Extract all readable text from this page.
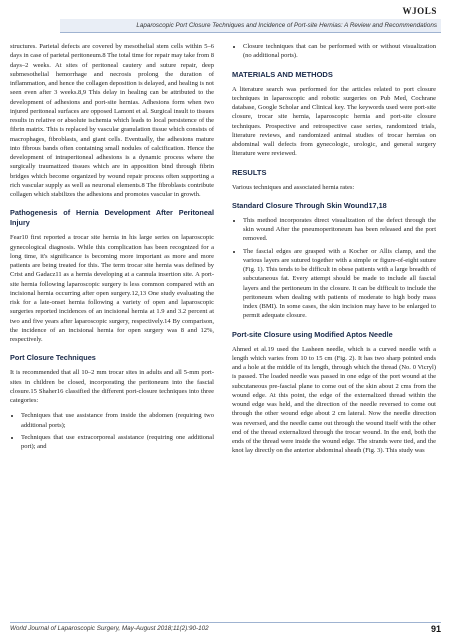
WJOLS
Laparoscopic Port Closure Techniques and Incidence of Port-site Hernias: A Review and Recommendations

structures. Parietal defects are covered by mesothelial stem cells within 5–6 days in case of parietal peritoneum.8 The total time for repair may take from 8 days–2 weeks. At sites of peritoneal cautery and suture repair, deep submesothelial hemorrhage and necrosis prolong the duration of inflammation, and hence the collagen deposition is delayed, and healing is not seen even after 3 weeks.8,9 This delay in healing can be attributed to the development of adhesions and port-site hernias. Adhesions form when two injured peritoneal surfaces are opposed Lamont et al. Surgical insult to tissues results in relative or absolute ischemia which leads to local persistence of the fibrin matrix. This is replaced by vascular granulation tissue which consists of macrophages, fibroblasts, and giant cells. Eventually, the adhesions mature into fibrous bands often containing small nodules of calcification. Hence the development of intraperitoneal adhesions is a dynamic process where the surgically traumatized tissues which are in apposition bind through fibrin bridges which become organized by wound repair process often supporting a rich vascular supply as well as neuronal elements.8 The fibroblasts contribute collagen which stabilizes the adhesions and promotes vascular in growth.

Pathogenesis of Hernia Development After Peritoneal Injury

Fear10 first reported a trocar site hernia in his large series on laparoscopic gynecological diagnosis. While this complication has been recognized for a long time, it's significance is becoming more important as more and more patients are being treated for this. The term trocar site hernia was defined by Crist and Gadacz11 as a hernia developing at a cannula insertion site. A port-site hernia following laparoscopic surgery is less common compared with an incisional hernia occurring after open surgery.12,13 One study evaluating the risk for a late-onset hernia following a variety of open and laparoscopic surgeries reported incidences of an incisional hernia at 1.9 and 3.2 percent at two and five years after laparoscopic surgery, respectively.14 By comparison, the incidence of an incisional hernia for open surgery was 8 and 12%, respectively.

Port Closure Techniques

It is recommended that all 10–2 mm trocar sites in adults and all 5-mm port-sites in children be closed, incorporating the peritoneum into the fascial closure.15 Shaher16 classified the different port-closure techniques into three categories:

• Techniques that use assistance from inside the abdomen (requiring two additional ports);
• Techniques that use extracorporeal assistance (requiring one additional port); and
• Closure techniques that can be performed with or without visualization (no additional ports).
MATERIALS AND METHODS

A literature search was performed for the articles related to port closure techniques in laparoscopic and robotic surgeries on Pub Med, Cochrane database, Google Scholar and Clinical key. The keywords used were port-site closure, trocar site hernia, laparoscopic hernia and port-site closure techniques. Prospective and retrospective case series, randomized trials, literature reviews, and randomized animal studies of trocar hernias on abdominal wall defects from gynecologic, urologic, and general surgery literature were reviewed.

RESULTS

Various techniques and associated hernia rates:

Standard Closure Through Skin Wound17,18
• This method incorporates direct visualization of the defect through the skin wound After the pneumoperitoneum has been released and the port removed.
• The fascial edges are grasped with a Kocher or Allis clamp, and the various layers are sutured together with a simple or figure-of-eight suture (Fig. 1). This tends to be difficult in obese patients with a large breadth of subcutaneous fat. Every attempt should be made to include all fascial layers and the peritoneum in the closure. It can be difficult to include the peritoneum when dealing with patients of moderate to high body mass index (BMI). In some cases, the skin incision may have to be enlarged to permit adequate closure.
Port-site Closure using Modified Aptos Needle

Ahmed et al.19 used the Lasheen needle, which is a curved needle with a length which varies from 10 to 15 cm (Fig. 2). It has two sharp pointed ends and a hole at the middle of its length, through which the thread (No. 0 Vicryl) is passed. The loaded needle was passed in one edge of the port wound at the subcutaneous pre-fascial plane to come out of the skin about 2 cms from the wound edge. At this point, the edge of the externalized thread within the wound edge was held, and the direction of the needle reversed to come out through the other wound edge about 2 cm lateral. Now the needle direction was reversed, and the needle came out through the wound itself with the other end of the thread externalized through the trocar wound. In the end, both the ends of the thread were inside the wound edge. The strands were tied, and the knot lay directly on the anterior abdominal sheath (Fig. 3). This study was

World Journal of Laparoscopic Surgery, May-August 2018;11(2):90-102	91
